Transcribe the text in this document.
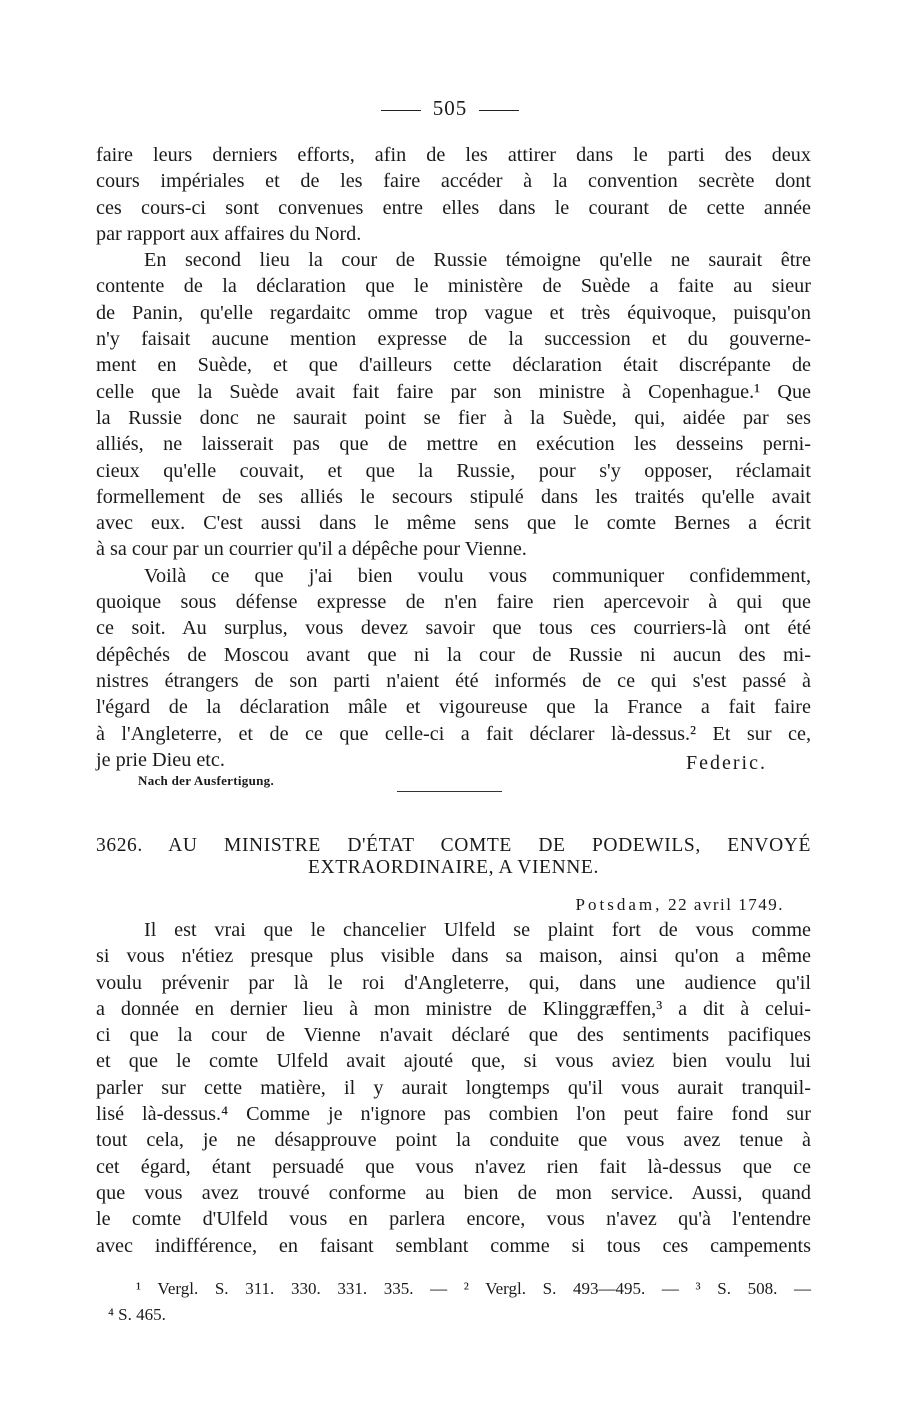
505
faire leurs derniers efforts, afin de les attirer dans le parti des deux
cours impériales et de les faire accéder à la convention secrète dont
ces cours-ci sont convenues entre elles dans le courant de cette année
par rapport aux affaires du Nord.
En second lieu la cour de Russie témoigne qu'elle ne saurait être
contente de la déclaration que le ministère de Suède a faite au sieur
de Panin, qu'elle regardaitc omme trop vague et très équivoque, puisqu'on
n'y faisait aucune mention expresse de la succession et du gouverne-
ment en Suède, et que d'ailleurs cette déclaration était discrépante de
celle que la Suède avait fait faire par son ministre à Copenhague.¹ Que
la Russie donc ne saurait point se fier à la Suède, qui, aidée par ses
alliés, ne laisserait pas que de mettre en exécution les desseins perni-
cieux qu'elle couvait, et que la Russie, pour s'y opposer, réclamait
formellement de ses alliés le secours stipulé dans les traités qu'elle avait
avec eux. C'est aussi dans le même sens que le comte Bernes a écrit
à sa cour par un courrier qu'il a dépêche pour Vienne.
Voilà ce que j'ai bien voulu vous communiquer confidemment,
quoique sous défense expresse de n'en faire rien apercevoir à qui que
ce soit. Au surplus, vous devez savoir que tous ces courriers-là ont été
dépêchés de Moscou avant que ni la cour de Russie ni aucun des mi-
nistres étrangers de son parti n'aient été informés de ce qui s'est passé à
l'égard de la déclaration mâle et vigoureuse que la France a fait faire
à l'Angleterre, et de ce que celle-ci a fait déclarer là-dessus.² Et sur ce,
je prie Dieu etc.	Federic.
Nach der Ausfertigung.
3626. AU MINISTRE D'ÉTAT COMTE DE PODEWILS, ENVOYÉ
EXTRAORDINAIRE, A VIENNE.
Potsdam, 22 avril 1749.
Il est vrai que le chancelier Ulfeld se plaint fort de vous comme
si vous n'étiez presque plus visible dans sa maison, ainsi qu'on a même
voulu prévenir par là le roi d'Angleterre, qui, dans une audience qu'il
a donnée en dernier lieu à mon ministre de Klinggræffen,³ a dit à celui-
ci que la cour de Vienne n'avait déclaré que des sentiments pacifiques
et que le comte Ulfeld avait ajouté que, si vous aviez bien voulu lui
parler sur cette matière, il y aurait longtemps qu'il vous aurait tranquil-
lisé là-dessus.⁴ Comme je n'ignore pas combien l'on peut faire fond sur
tout cela, je ne désapprouve point la conduite que vous avez tenue à
cet égard, étant persuadé que vous n'avez rien fait là-dessus que ce
que vous avez trouvé conforme au bien de mon service. Aussi, quand
le comte d'Ulfeld vous en parlera encore, vous n'avez qu'à l'entendre
avec indifférence, en faisant semblant comme si tous ces campements
¹ Vergl. S. 311. 330. 331. 335. — ² Vergl. S. 493—495. — ³ S. 508. —
⁴ S. 465.
